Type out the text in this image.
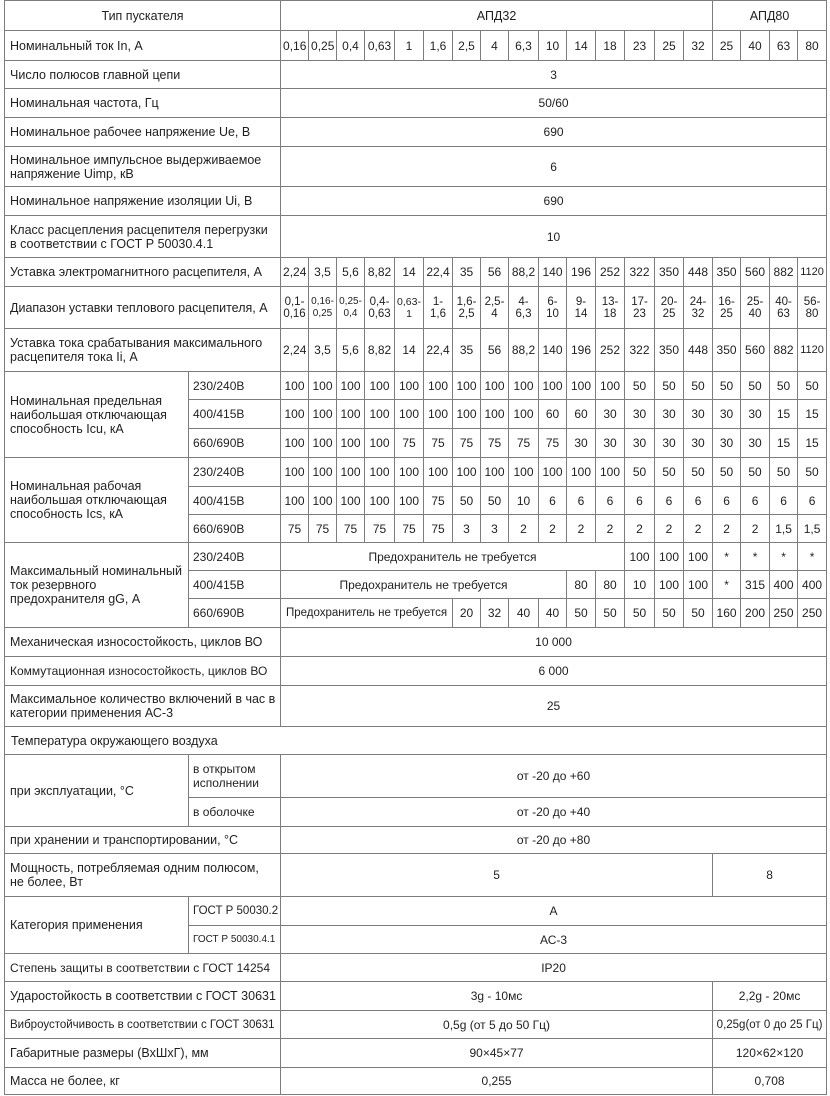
Тип пускателя		АПД32															АПД80			
Номинальный ток In, А		0,16	0,25	0,4	0,63	1	1,6	2,5	4	6,3	10	14	18	23	25	32	25	40	63	80
Число полюсов главной цепи		3																		
Номинальная частота, Гц		50/60																		
Номинальное рабочее напряжение Ue, В		690																		
Номинальное импульсное выдерживаемое напряжение Uimp, кВ		6																		
Номинальное напряжение изоляции Ui, В		690																		
Класс расцепления расцепителя перегрузки в соответствии с ГОСТ Р 50030.4.1		10																		
Уставка электромагнитного расцепителя, А		2,24	3,5	5,6	8,82	14	22,4	35	56	88,2	140	196	252	322	350	448	350	560	882	1120
Диапазон уставки теплового расцепителя, А		0,1-0,16	0,16-0,25	0,25-0,4	0,4-0,63	0,63-1	1-1,6	1,6-2,5	2,5-4	4-6,3	6-10	9-14	13-18	17-23	20-25	24-32	16-25	25-40	40-63	56-80
Уставка тока срабатывания максимального расцепителя тока Ii, А		2,24	3,5	5,6	8,82	14	22,4	35	56	88,2	140	196	252	322	350	448	350	560	882	1120
Номинальная предельная наибольшая отключающая способность Icu, кА	230/240В	100	100	100	100	100	100	100	100	100	100	100	100	50	50	50	50	50	50	50
	400/415В	100	100	100	100	100	100	100	100	100	60	60	30	30	30	30	30	30	15	15
	660/690В	100	100	100	100	75	75	75	75	75	75	30	30	30	30	30	30	30	15	15
Номинальная рабочая наибольшая отключающая способность Ics, кА	230/240В	100	100	100	100	100	100	100	100	100	100	100	100	50	50	50	50	50	50	50
	400/415В	100	100	100	100	100	75	50	50	10	6	6	6	6	6	6	6	6	6	6
	660/690В	75	75	75	75	75	75	3	3	2	2	2	2	2	2	2	2	2	1,5	1,5
Максимальный номинальный ток резервного предохранителя gG, А	230/240В	Предохранитель не требуется												100	100	100	*	*	*	*
	400/415В	Предохранитель не требуется										80	80	10	100	100	*	315	400	400
	660/690В	Предохранитель не требуется						20	32	40	40	50	50	50	50	50	160	200	250	250
Механическая износостойкость, циклов ВО		10 000																		
Коммутационная износостойкость, циклов ВО		6 000																		
Максимальное количество включений в час в категории применения АС-3		25																		
Температура окружающего воздуха																				
при эксплуатации, °С	в открытом исполнении	от -20 до +60																		
	в оболочке	от -20 до +40																		
при хранении и транспортировании, °С		от -20 до +80																		
Мощность, потребляемая одним полюсом, не более, Вт		5															8			
Категория применения	ГОСТ Р 50030.2	А																		
	ГОСТ Р 50030.4.1	АС-3																		
Степень защиты в соответствии с ГОСТ 14254		IP20																		
Ударостойкость в соответствии с ГОСТ 30631		3g - 10мс															2,2g - 20мс			
Виброустойчивость в соответствии с ГОСТ 30631		0,5g (от 5 до 50 Гц)															0,25g(от 0 до 25 Гц)			
Габаритные размеры (ВхШхГ), мм		90×45×77															120×62×120			
Масса не более, кг		0,255															0,708			
